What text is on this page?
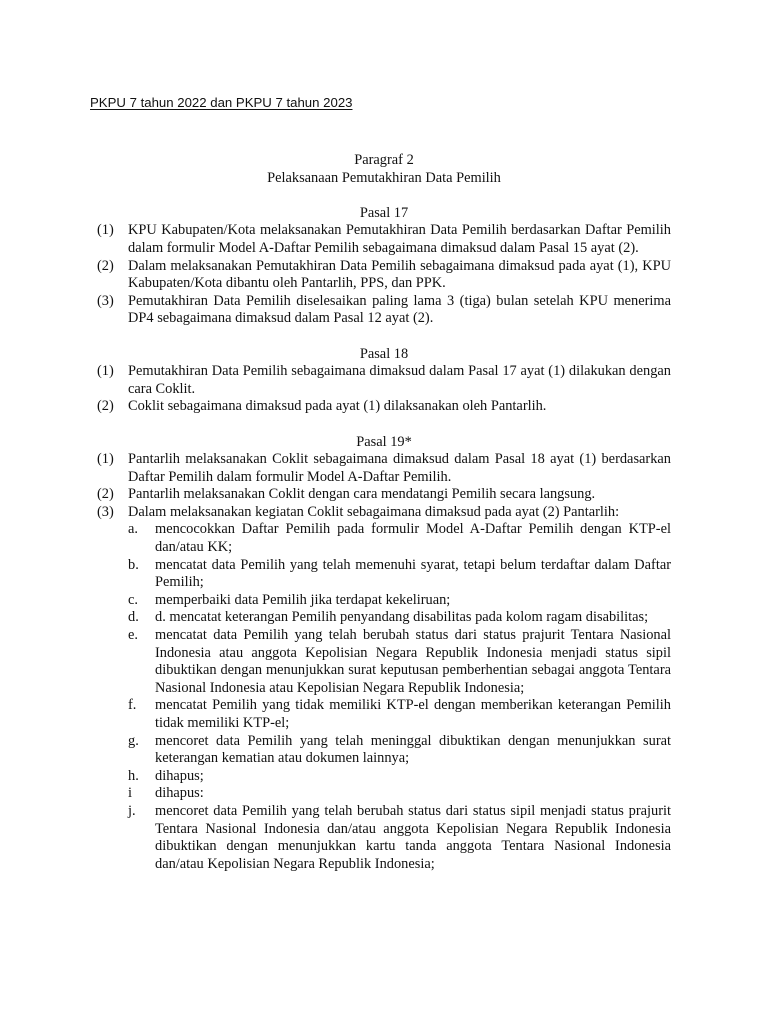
PKPU 7 tahun 2022 dan PKPU 7 tahun 2023
Paragraf 2
Pelaksanaan Pemutakhiran Data Pemilih
Pasal 17
(1) KPU Kabupaten/Kota melaksanakan Pemutakhiran Data Pemilih berdasarkan Daftar Pemilih dalam formulir Model A-Daftar Pemilih sebagaimana dimaksud dalam Pasal 15 ayat (2).
(2) Dalam melaksanakan Pemutakhiran Data Pemilih sebagaimana dimaksud pada ayat (1), KPU Kabupaten/Kota dibantu oleh Pantarlih, PPS, dan PPK.
(3) Pemutakhiran Data Pemilih diselesaikan paling lama 3 (tiga) bulan setelah KPU menerima DP4 sebagaimana dimaksud dalam Pasal 12 ayat (2).
Pasal 18
(1) Pemutakhiran Data Pemilih sebagaimana dimaksud dalam Pasal 17 ayat (1) dilakukan dengan cara Coklit.
(2) Coklit sebagaimana dimaksud pada ayat (1) dilaksanakan oleh Pantarlih.
Pasal 19*
(1) Pantarlih melaksanakan Coklit sebagaimana dimaksud dalam Pasal 18 ayat (1) berdasarkan Daftar Pemilih dalam formulir Model A-Daftar Pemilih.
(2) Pantarlih melaksanakan Coklit dengan cara mendatangi Pemilih secara langsung.
(3) Dalam melaksanakan kegiatan Coklit sebagaimana dimaksud pada ayat (2) Pantarlih:
a. mencocokkan Daftar Pemilih pada formulir Model A-Daftar Pemilih dengan KTP-el dan/atau KK;
b. mencatat data Pemilih yang telah memenuhi syarat, tetapi belum terdaftar dalam Daftar Pemilih;
c. memperbaiki data Pemilih jika terdapat kekeliruan;
d. d. mencatat keterangan Pemilih penyandang disabilitas pada kolom ragam disabilitas;
e. mencatat data Pemilih yang telah berubah status dari status prajurit Tentara Nasional Indonesia atau anggota Kepolisian Negara Republik Indonesia menjadi status sipil dibuktikan dengan menunjukkan surat keputusan pemberhentian sebagai anggota Tentara Nasional Indonesia atau Kepolisian Negara Republik Indonesia;
f. mencatat Pemilih yang tidak memiliki KTP-el dengan memberikan keterangan Pemilih tidak memiliki KTP-el;
g. mencoret data Pemilih yang telah meninggal dibuktikan dengan menunjukkan surat keterangan kematian atau dokumen lainnya;
h. dihapus;
i dihapus:
j. mencoret data Pemilih yang telah berubah status dari status sipil menjadi status prajurit Tentara Nasional Indonesia dan/atau anggota Kepolisian Negara Republik Indonesia dibuktikan dengan menunjukkan kartu tanda anggota Tentara Nasional Indonesia dan/atau Kepolisian Negara Republik Indonesia;
